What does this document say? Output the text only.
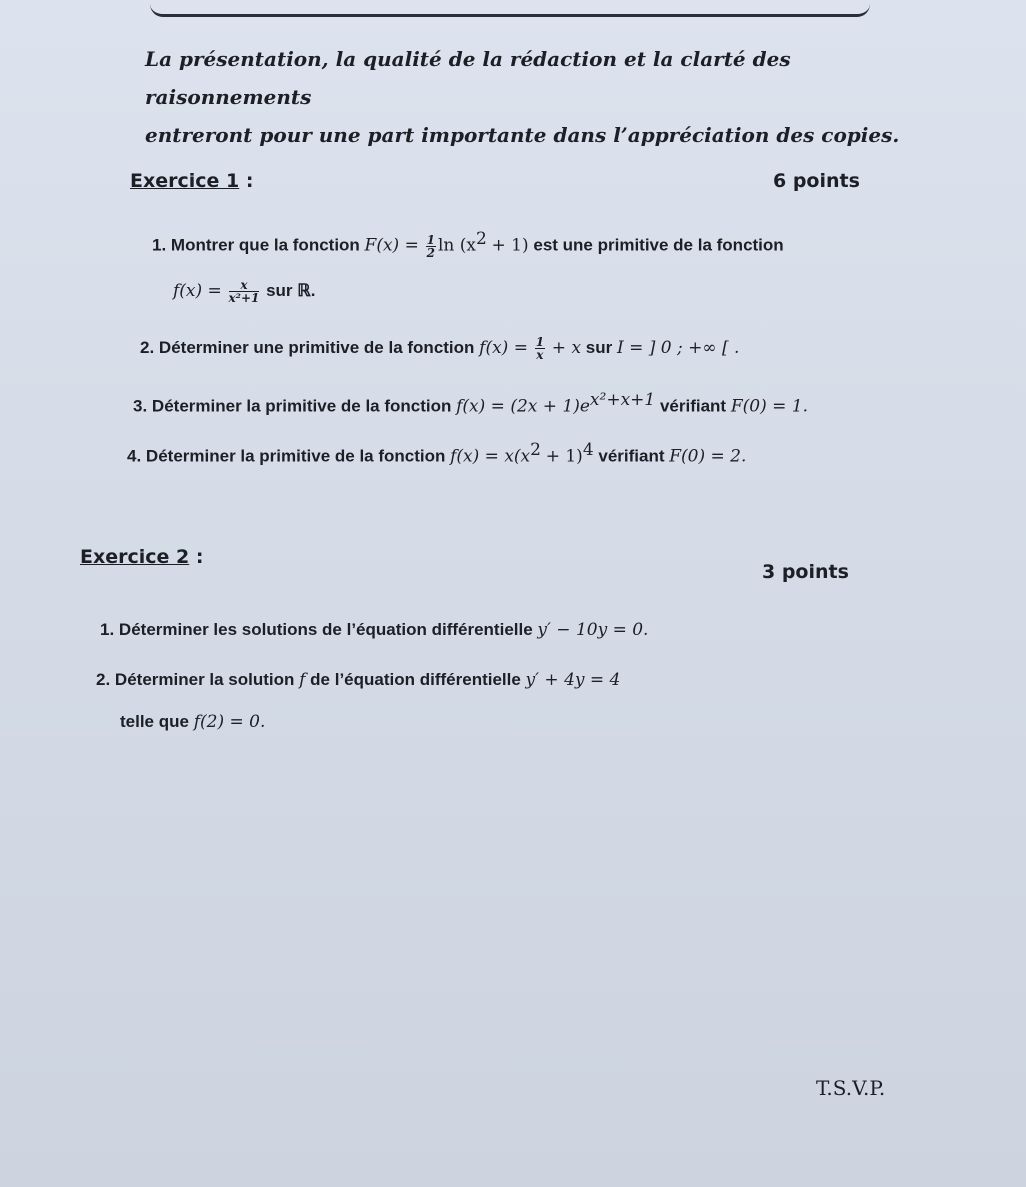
La présentation, la qualité de la rédaction et la clarté des raisonnements
entreront pour une part importante dans l’appréciation des copies.
Exercice 1 :	6 points
1. Montrer que la fonction $F(x) = \frac{1}{2}$ $\ln (x^2 + 1)$ est une primitive de la fonction
$f(x) = \frac{x}{\text{x²+1}}$ sur ℝ.
2. Déterminer une primitive de la fonction $f(x) = \frac{1}{x} + x$ sur I = ] 0 ; +∞ [ .
3. Déterminer la primitive de la fonction $f(x) = (2x + 1)e^{x^2+x+1}$ vérifiant F(0) = 1.
4. Déterminer la primitive de la fonction $f(x) = x(x^2 + 1)^4$ vérifiant F(0) = 2.
Exercice 2 :
3 points
1. Déterminer les solutions de l’équation différentielle y′ − 10y = 0.
2. Déterminer la solution f de l’équation différentielle y′ + 4y = 4
telle que f(2) = 0.
T.S.V.P.
